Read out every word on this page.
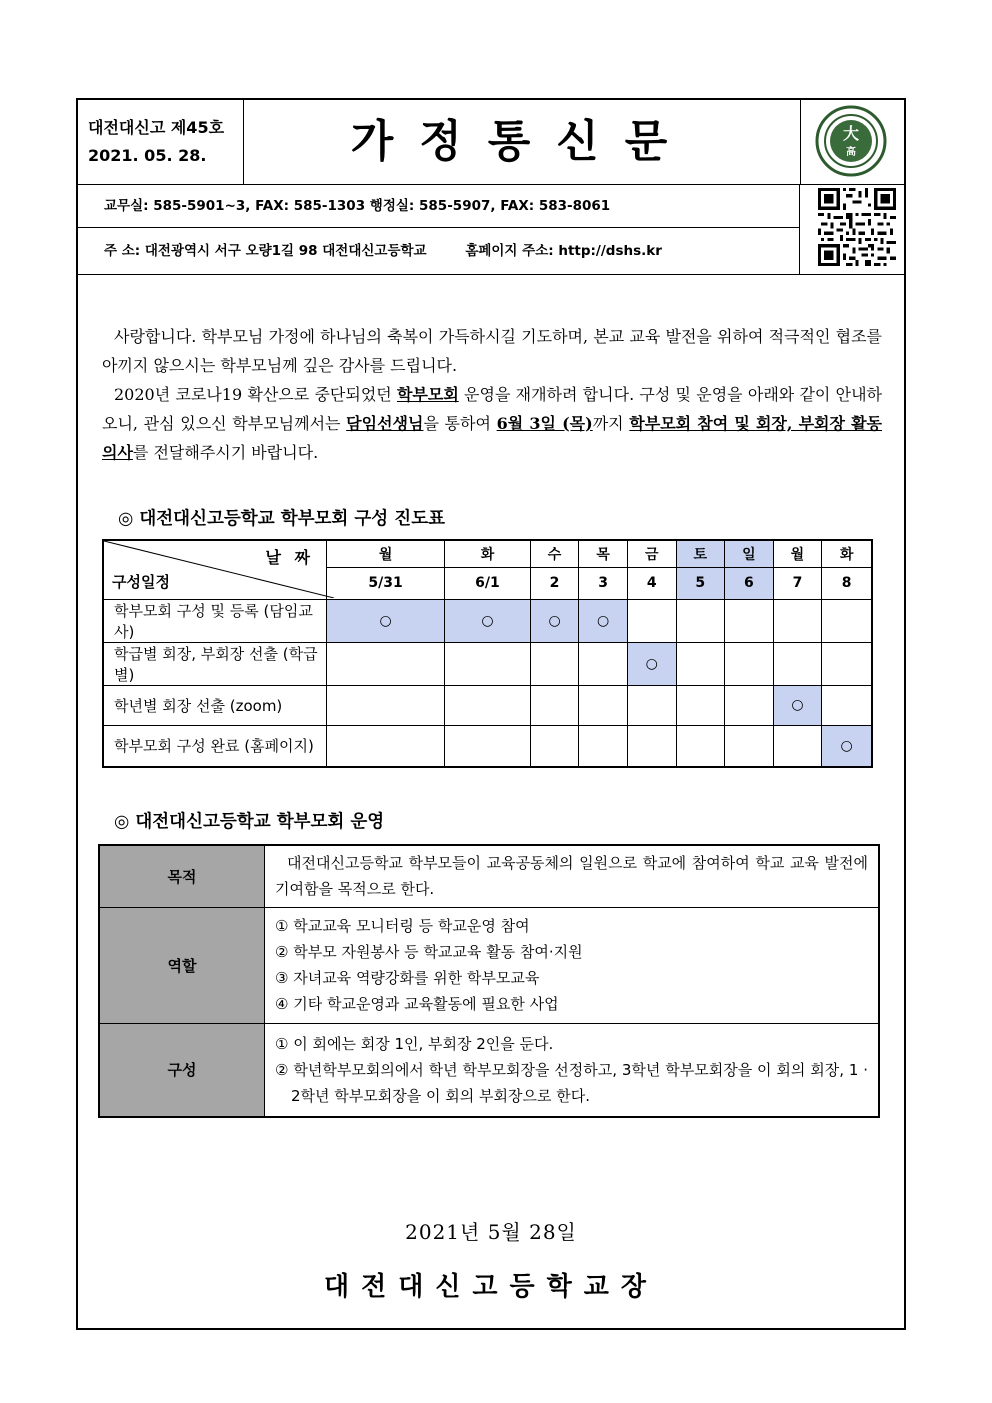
대전대신고 제45호
2021. 05. 28.	가정통신문	大
高
교무실: 585-5901~3, FAX: 585-1303 행정실: 585-5907, FAX: 583-8061
주 소: 대전광역시 서구 오량1길 98 대전대신고등학교	홈페이지 주소: http://dshs.kr

사랑합니다. 학부모님 가정에 하나님의 축복이 가득하시길 기도하며, 본교 교육 발전을 위하여 적극적인 협조를 아끼지 않으시는 학부모님께 깊은 감사를 드립니다.

2020년 코로나19 확산으로 중단되었던 학부모회 운영을 재개하려 합니다. 구성 및 운영을 아래와 같이 안내하오니, 관심 있으신 학부모님께서는 담임선생님을 통하여 6월 3일 (목)까지 학부모회 참여 및 회장, 부회장 활동 의사를 전달해주시기 바랍니다.

◎ 대전대신고등학교 학부모회 구성 진도표
날 짜
구성일정	월	화	수	목	금	토	일	월	화
	5/31	6/1	2	3	4	5	6	7	8
학부모회 구성 및 등록 (담임교사)	○	○	○	○					
학급별 회장, 부회장 선출 (학급별)					○				
학년별 회장 선출 (zoom)								○	
학부모회 구성 완료 (홈페이지)									○
◎ 대전대신고등학교 학부모회 운영
목적	대전대신고등학교 학부모들이 교육공동체의 일원으로 학교에 참여하여 학교 교육 발전에 기여함을 목적으로 한다.
역할	① 학교교육 모니터링 등 학교운영 참여
② 학부모 자원봉사 등 학교교육 활동 참여·지원
③ 자녀교육 역량강화를 위한 학부모교육
④ 기타 학교운영과 교육활동에 필요한 사업

구성	① 이 회에는 회장 1인, 부회장 2인을 둔다.
② 학년학부모회의에서 학년 학부모회장을 선정하고, 3학년 학부모회장을 이 회의 회장, 1 · 2학년 학부모회장을 이 회의 부회장으로 한다.
2021년 5월 28일
대전대신고등학교장
